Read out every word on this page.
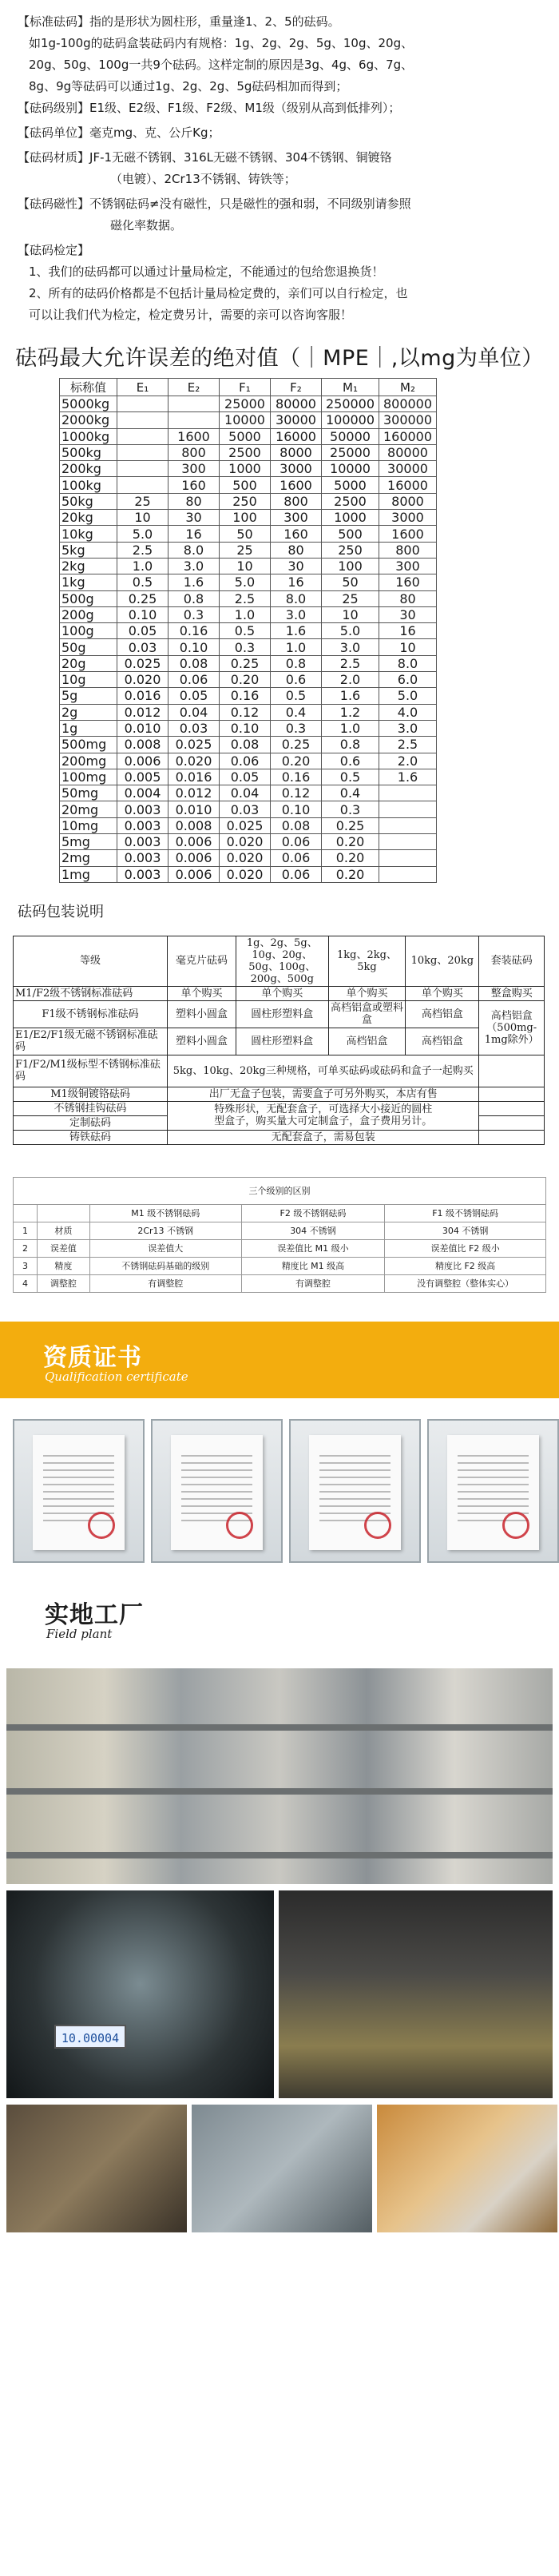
【标准砝码】指的是形状为圆柱形，重量逢1、2、5的砝码。

如1g-100g的砝码盒装砝码内有规格：1g、2g、2g、5g、10g、20g、

20g、50g、100g一共9个砝码。这样定制的原因是3g、4g、6g、7g、

8g、9g等砝码可以通过1g、2g、2g、5g砝码相加而得到；

【砝码级别】E1级、E2级、F1级、F2级、M1级（级别从高到低排列）；

【砝码单位】毫克mg、克、公斤Kg；

【砝码材质】JF-1无磁不锈钢、316L无磁不锈钢、304不锈钢、铜镀铬

（电镀）、2Cr13不锈钢、铸铁等；

【砝码磁性】不锈钢砝码≠没有磁性，只是磁性的强和弱，不同级别请参照

磁化率数据。

【砝码检定】

1、我们的砝码都可以通过计量局检定，不能通过的包给您退换货！

2、所有的砝码价格都是不包括计量局检定费的，亲们可以自行检定，也

可以让我们代为检定，检定费另计，需要的亲可以咨询客服！

砝码最大允许误差的绝对值（｜MPE｜,以mg为单位）
标称值	E₁	E₂	F₁	F₂	M₁	M₂
5000kg			25000	80000	250000	800000
2000kg			10000	30000	100000	300000
1000kg		1600	5000	16000	50000	160000
500kg		800	2500	8000	25000	80000
200kg		300	1000	3000	10000	30000
100kg		160	500	1600	5000	16000
50kg	25	80	250	800	2500	8000
20kg	10	30	100	300	1000	3000
10kg	5.0	16	50	160	500	1600
5kg	2.5	8.0	25	80	250	800
2kg	1.0	3.0	10	30	100	300
1kg	0.5	1.6	5.0	16	50	160
500g	0.25	0.8	2.5	8.0	25	80
200g	0.10	0.3	1.0	3.0	10	30
100g	0.05	0.16	0.5	1.6	5.0	16
50g	0.03	0.10	0.3	1.0	3.0	10
20g	0.025	0.08	0.25	0.8	2.5	8.0
10g	0.020	0.06	0.20	0.6	2.0	6.0
5g	0.016	0.05	0.16	0.5	1.6	5.0
2g	0.012	0.04	0.12	0.4	1.2	4.0
1g	0.010	0.03	0.10	0.3	1.0	3.0
500mg	0.008	0.025	0.08	0.25	0.8	2.5
200mg	0.006	0.020	0.06	0.20	0.6	2.0
100mg	0.005	0.016	0.05	0.16	0.5	1.6
50mg	0.004	0.012	0.04	0.12	0.4	
20mg	0.003	0.010	0.03	0.10	0.3	
10mg	0.003	0.008	0.025	0.08	0.25	
5mg	0.003	0.006	0.020	0.06	0.20	
2mg	0.003	0.006	0.020	0.06	0.20	
1mg	0.003	0.006	0.020	0.06	0.20	
砝码包装说明
等级	毫克片砝码	1g、2g、5g、10g、20g、50g、100g、200g、500g	1kg、2kg、5kg	10kg、20kg	套装砝码
M1/F2级不锈钢标准砝码	单个购买	单个购买	单个购买	单个购买	整盒购买
F1级不锈钢标准砝码	塑料小圆盒	圆柱形塑料盒	高档铝盒或塑料盒	高档铝盒	高档铝盒（500mg-1mg除外）
E1/E2/F1级无磁不锈钢标准砝码	塑料小圆盒	圆柱形塑料盒	高档铝盒	高档铝盒	
F1/F2/M1级标型不锈钢标准砝码	5kg、10kg、20kg三种规格，可单买砝码或砝码和盒子一起购买				
M1级铜镀铬砝码	出厂无盒子包装，需要盒子可另外购买，本店有售				
不锈钢挂钩砝码	特殊形状，无配套盒子，可选择大小接近的圆柱
型盒子，购买量大可定制盒子，盒子费用另计。				

定制砝码					
铸铁砝码	无配套盒子，需易包装				
三个级别的区别				
		M1 级不锈钢砝码	F2 级不锈钢砝码	F1 级不锈钢砝码
1	材质	2Cr13 不锈钢	304 不锈钢	304 不锈钢
2	误差值	误差值大	误差值比 M1 级小	误差值比 F2 级小
3	精度	不锈钢砝码基础的级别	精度比 M1 级高	精度比 F2 级高
4	调整腔	有调整腔	有调整腔	没有调整腔（整体实心）
资质证书
Qualification certificate
实地工厂
Field plant
10.00004
